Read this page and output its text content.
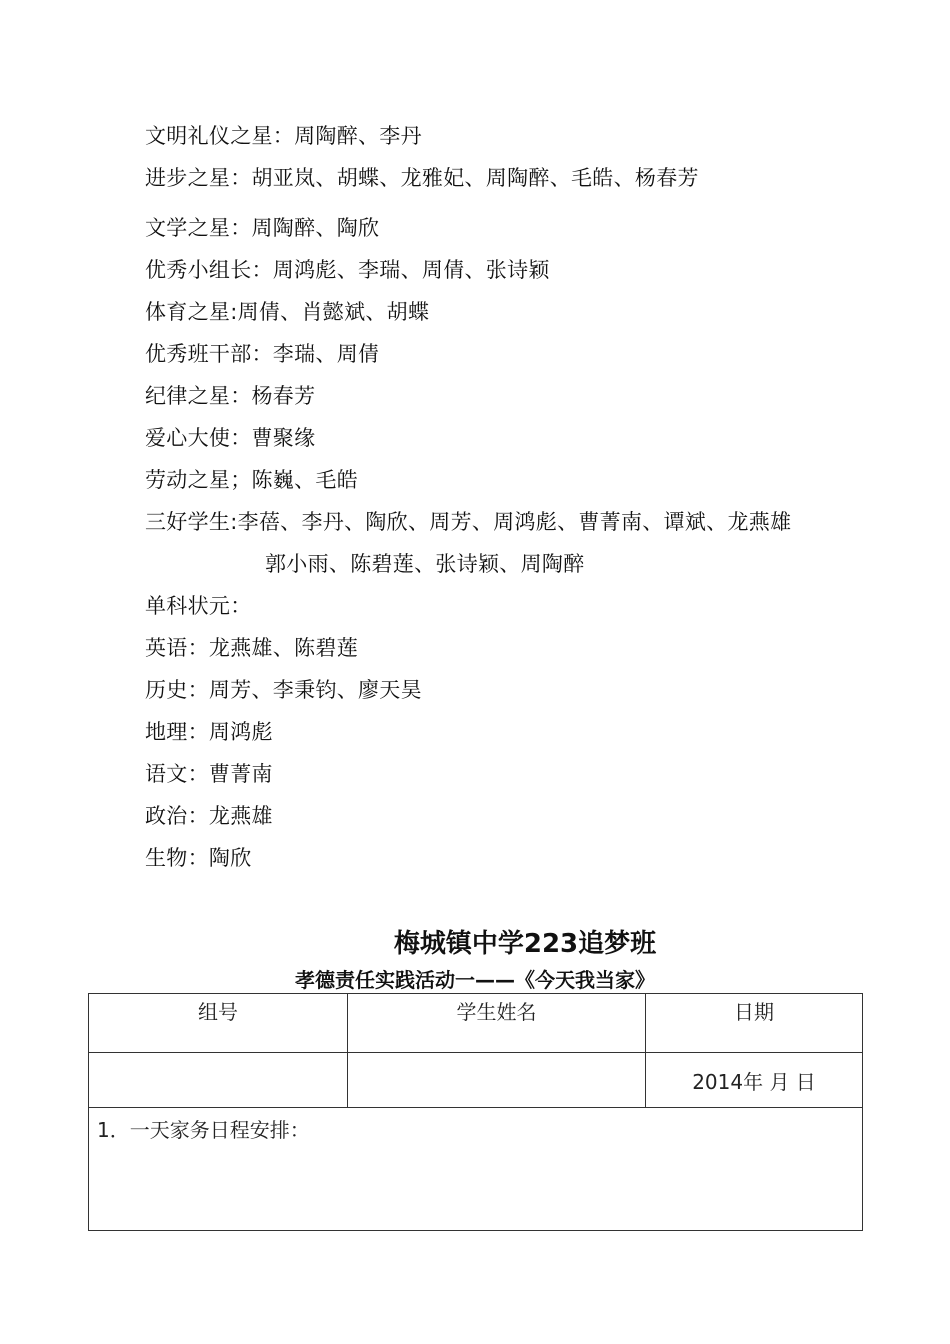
文明礼仪之星：周陶醉、李丹
进步之星：胡亚岚、胡蝶、龙雅妃、周陶醉、毛皓、杨春芳
文学之星：周陶醉、陶欣
优秀小组长：周鸿彪、李瑞、周倩、张诗颖
体育之星:周倩、肖懿斌、胡蝶
优秀班干部：李瑞、周倩
纪律之星：杨春芳
爱心大使：曹聚缘
劳动之星；陈巍、毛皓
三好学生:李蓓、李丹、陶欣、周芳、周鸿彪、曹菁南、谭斌、龙燕雄
郭小雨、陈碧莲、张诗颖、周陶醉
单科状元：
英语：龙燕雄、陈碧莲
历史：周芳、李秉钧、廖天昊
地理：周鸿彪
语文：曹菁南
政治：龙燕雄
生物：陶欣
梅城镇中学223追梦班
孝德责任实践活动一——《今天我当家》
组号	学生姓名	日期
		2014年 月 日
1．一天家务日程安排：		
